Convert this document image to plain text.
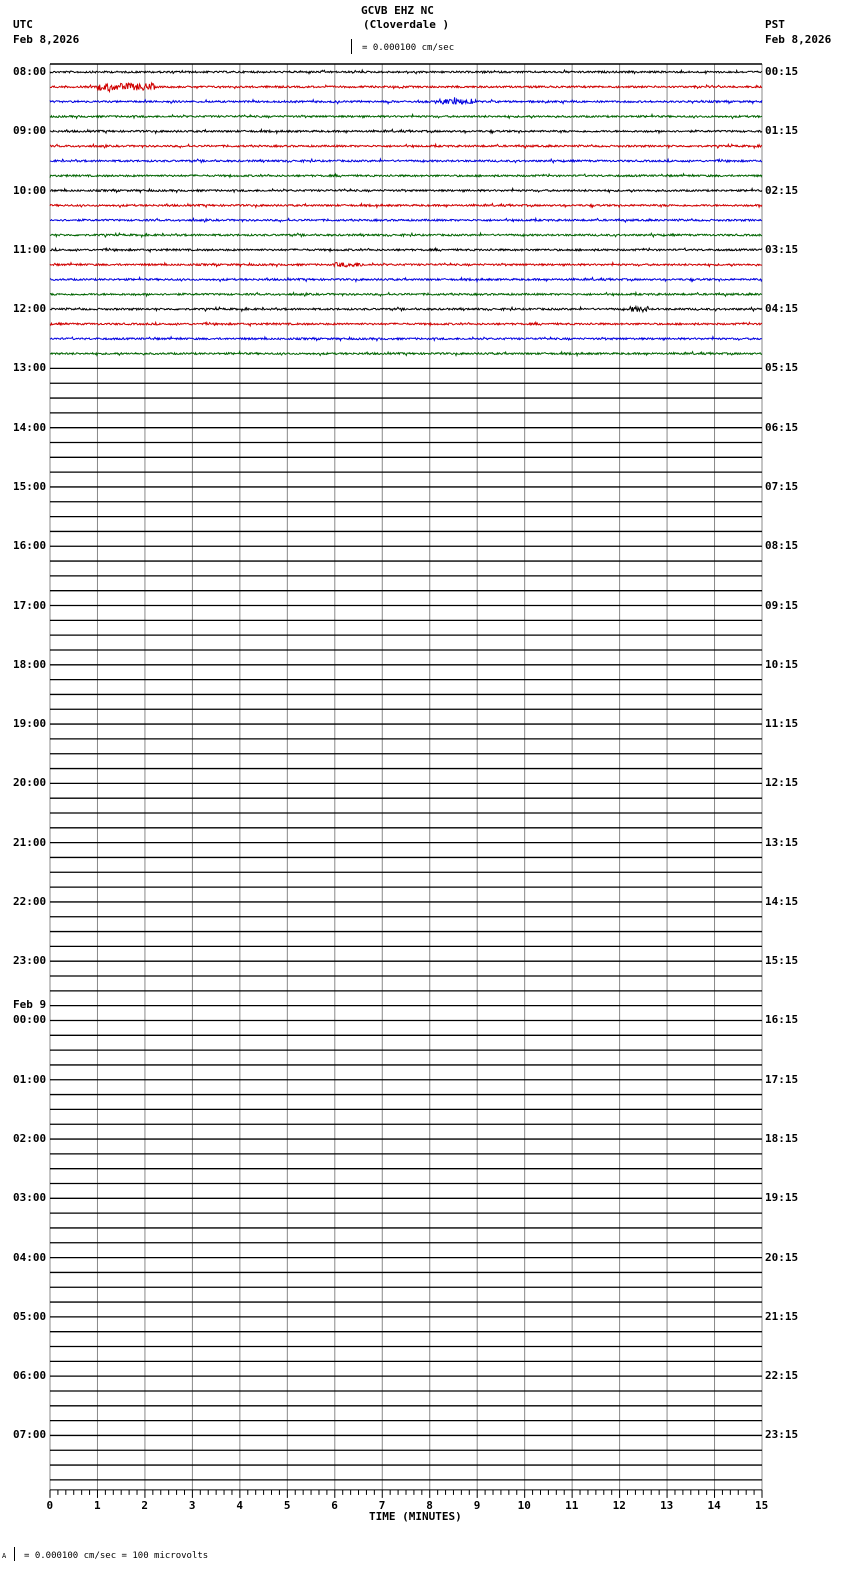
GCVB EHZ NC
(Cloverdale )
UTC
Feb 8,2026
PST
Feb 8,2026
= 0.000100 cm/sec
0	1	2	3	4	5	6	7	8	9	10	11	12	13	14	15
08:00
09:00
10:00
11:00
12:00
13:00
14:00
15:00
16:00
17:00
18:00
19:00
20:00
21:00
22:00
23:00
00:00
01:00
02:00
03:00
04:00
05:00
06:00
07:00
00:15
01:15
02:15
03:15
04:15
05:15
06:15
07:15
08:15
09:15
10:15
11:15
12:15
13:15
14:15
15:15
16:15
17:15
18:15
19:15
20:15
21:15
22:15
23:15
Feb 9
TIME (MINUTES)
A = 0.000100 cm/sec = 100 microvolts
